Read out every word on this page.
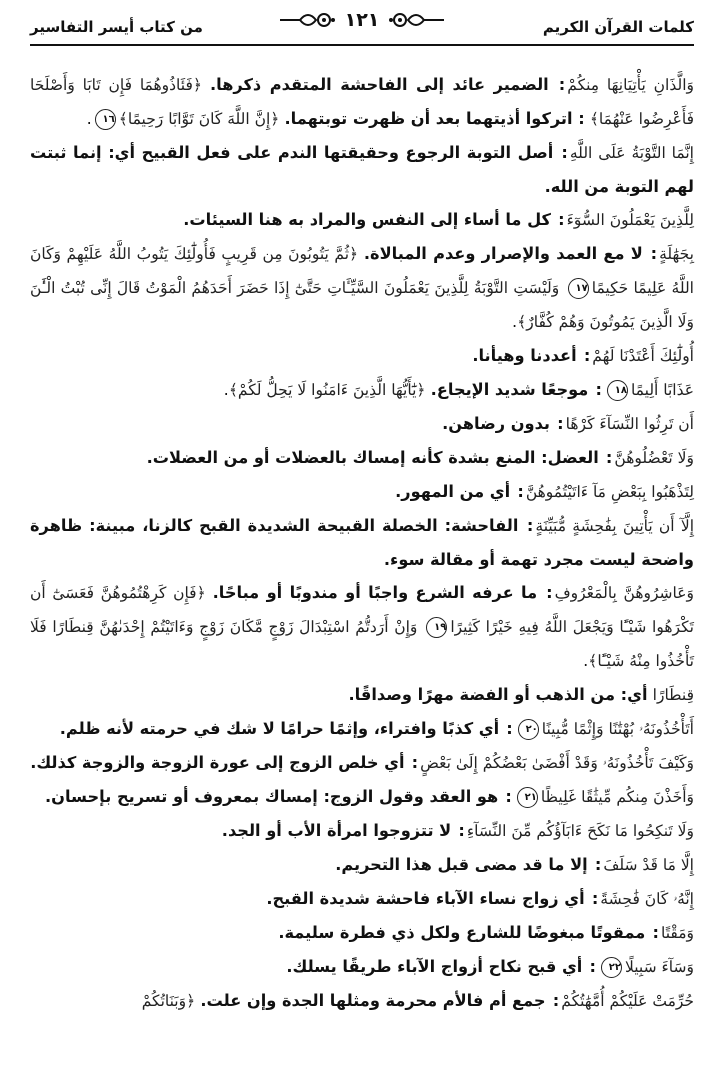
كلمات القرآن الكريم
١٢١
من كتاب أيسر التفاسير
وَالَّذَانِ يَأْتِيَانِهَا مِنكُمْ: الضمير عائد إلى الفاحشة المتقدم ذكرها. ﴿فَئَاذُوهُمَا فَإِن تَابَا وَأَصْلَحَا فَأَعْرِضُوا عَنْهُمَا﴾ : اتركوا أذيتهما بعد أن ظهرت توبتهما. ﴿إِنَّ اللَّهَ كَانَ تَوَّابًا رَحِيمًا﴾١٦.
إِنَّمَا التَّوْبَةُ عَلَى اللَّهِ: أصل التوبة الرجوع وحقيقتها الندم على فعل القبيح أي: إنما ثبتت لهم التوبة من الله.
لِلَّذِينَ يَعْمَلُونَ السُّوٓءَ: كل ما أساء إلى النفس والمراد به هنا السيئات.
بِجَهَٰلَةٍ: لا مع العمد والإصرار وعدم المبالاة. ﴿ثُمَّ يَتُوبُونَ مِن قَرِيبٍ فَأُولَٰٓئِكَ يَتُوبُ اللَّهُ عَلَيْهِمْ وَكَانَ اللَّهُ عَلِيمًا حَكِيمًا١٧ وَلَيْسَتِ التَّوْبَةُ لِلَّذِينَ يَعْمَلُونَ السَّيِّـَٔاتِ حَتَّىٰٓ إِذَا حَضَرَ أَحَدَهُمُ الْمَوْتُ قَالَ إِنِّى تُبْتُ الْـَٰٔنَ وَلَا الَّذِينَ يَمُوتُونَ وَهُمْ كُفَّارٌ﴾.
أُولَٰٓئِكَ أَعْتَدْنَا لَهُمْ: أعددنا وهيأنا.
عَذَابًا أَلِيمًا١٨: موجعًا شديد الإيجاع. ﴿يَٰٓأَيُّهَا الَّذِينَ ءَامَنُوا لَا يَحِلُّ لَكُمْ﴾.
أَن تَرِثُوا النِّسَآءَ كَرْهًا: بدون رضاهن.
وَلَا تَعْضُلُوهُنَّ: العضل: المنع بشدة كأنه إمساك بالعضلات أو من العضلات.
لِتَذْهَبُوا بِبَعْضِ مَآ ءَاتَيْتُمُوهُنَّ: أي من المهور.
إِلَّآ أَن يَأْتِينَ بِفَٰحِشَةٍ مُّبَيِّنَةٍ: الفاحشة: الخصلة القبيحة الشديدة القبح كالزنا، مبينة: ظاهرة واضحة ليست مجرد تهمة أو مقالة سوء.
وَعَاشِرُوهُنَّ بِالْمَعْرُوفِ: ما عرفه الشرع واجبًا أو مندوبًا أو مباحًا. ﴿فَإِن كَرِهْتُمُوهُنَّ فَعَسَىٰٓ أَن تَكْرَهُوا شَيْـًٔا وَيَجْعَلَ اللَّهُ فِيهِ خَيْرًا كَثِيرًا١٩ وَإِنْ أَرَدتُّمُ اسْتِبْدَالَ زَوْجٍ مَّكَانَ زَوْجٍ وَءَاتَيْتُمْ إِحْدَىٰهُنَّ قِنطَارًا فَلَا تَأْخُذُوا مِنْهُ شَيْـًٔا﴾.
قِنطَارًا أي: من الذهب أو الفضة مهرًا وصداقًا.
أَتَأْخُذُونَهُۥ بُهْتَٰنًا وَإِثْمًا مُّبِينًا٢٠: أي كذبًا وافتراء، وإثمًا حرامًا لا شك في حرمته لأنه ظلم.
وَكَيْفَ تَأْخُذُونَهُۥ وَقَدْ أَفْضَىٰ بَعْضُكُمْ إِلَىٰ بَعْضٍ: أي خلص الزوج إلى عورة الزوجة والزوجة كذلك.
وَأَخَذْنَ مِنكُم مِّيثَٰقًا غَلِيظًا٢١: هو العقد وقول الزوج: إمساك بمعروف أو تسريح بإحسان.
وَلَا تَنكِحُوا مَا نَكَحَ ءَابَآؤُكُم مِّنَ النِّسَآءِ: لا تتزوجوا امرأة الأب أو الجد.
إِلَّا مَا قَدْ سَلَفَ: إلا ما قد مضى قبل هذا التحريم.
إِنَّهُۥ كَانَ فَٰحِشَةً: أي زواج نساء الآباء فاحشة شديدة القبح.
وَمَقْتًا: ممقوتًا مبغوضًا للشارع ولكل ذي فطرة سليمة.
وَسَآءَ سَبِيلًا٢٢: أي قبح نكاح أزواج الآباء طريقًا يسلك.
حُرِّمَتْ عَلَيْكُمْ أُمَّهَٰتُكُمْ: جمع أم فالأم محرمة ومثلها الجدة وإن علت. ﴿وَبَنَاتُكُمْ
